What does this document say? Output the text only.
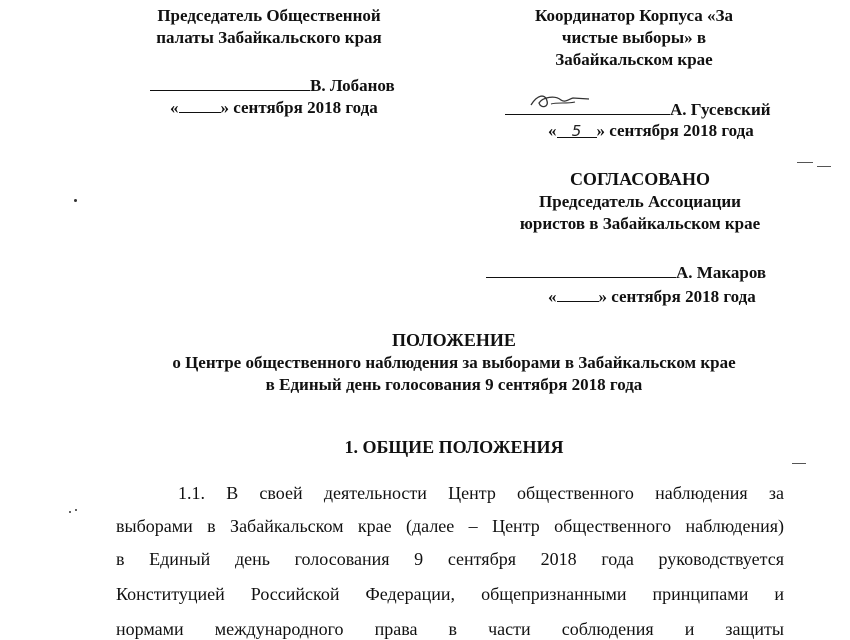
Председатель Общественной
палаты Забайкальского края
В. Лобанов
« » сентября 2018 года
Координатор Корпуса «За
чистые выборы» в
Забайкальском крае
А. Гусевский
« 5 » сентября 2018 года
СОГЛАСОВАНО
Председатель Ассоциации
юристов в Забайкальском крае
А. Макаров
« » сентября 2018 года
ПОЛОЖЕНИЕ
о Центре общественного наблюдения за выборами в Забайкальском крае
в Единый день голосования 9 сентября 2018 года
1. ОБЩИЕ ПОЛОЖЕНИЯ
1.1. В своей деятельности Центр общественного наблюдения за
выборами в Забайкальском крае (далее – Центр общественного наблюдения)
в Единый день голосования 9 сентября 2018 года руководствуется
Конституцией Российской Федерации, общепризнанными принципами и
нормами международного права в части соблюдения и защиты
